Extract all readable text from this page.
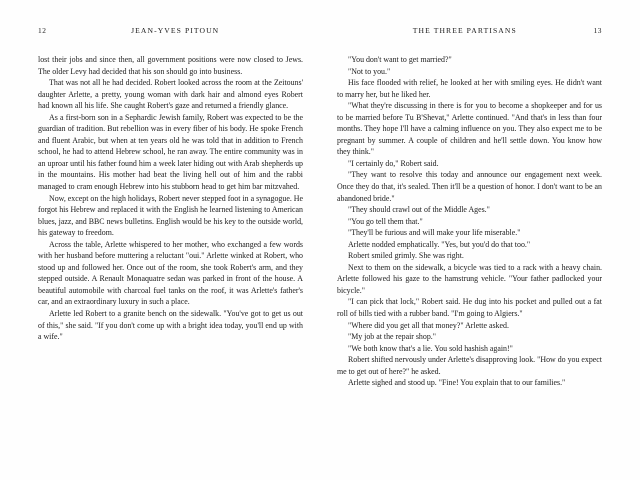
12	JEAN-YVES PITOUN	THE THREE PARTISANS	13

lost their jobs and since then, all government positions were now closed to Jews. The older Levy had decided that his son should go into business.

That was not all he had decided. Robert looked across the room at the Zeitouns' daughter Arlette, a pretty, young woman with dark hair and almond eyes Robert had known all his life. She caught Robert's gaze and returned a friendly glance.

As a first-born son in a Sephardic Jewish family, Robert was expected to be the guardian of tradition. But rebellion was in every fiber of his body. He spoke French and fluent Arabic, but when at ten years old he was told that in addition to French school, he had to attend Hebrew school, he ran away. The entire community was in an uproar until his father found him a week later hiding out with Arab shepherds up in the mountains. His mother had beat the living hell out of him and the rabbi managed to cram enough Hebrew into his stubborn head to get him bar mitzvahed.

Now, except on the high holidays, Robert never stepped foot in a synagogue. He forgot his Hebrew and replaced it with the English he learned listening to American blues, jazz, and BBC news bulletins. English would be his key to the outside world, his gateway to freedom.

Across the table, Arlette whispered to her mother, who exchanged a few words with her husband before muttering a reluctant "oui." Arlette winked at Robert, who stood up and followed her. Once out of the room, she took Robert's arm, and they stepped outside. A Renault Monaquatre sedan was parked in front of the house. A beautiful automobile with charcoal fuel tanks on the roof, it was Arlette's father's car, and an extraordinary luxury in such a place.

Arlette led Robert to a granite bench on the sidewalk. "You've got to get us out of this," she said. "If you don't come up with a bright idea today, you'll end up with a wife."

"You don't want to get married?"

"Not to you."

His face flooded with relief, he looked at her with smiling eyes. He didn't want to marry her, but he liked her.

"What they're discussing in there is for you to become a shopkeeper and for us to be married before Tu B'Shevat," Arlette continued. "And that's in less than four months. They hope I'll have a calming influence on you. They also expect me to be pregnant by summer. A couple of children and he'll settle down. You know how they think."

"I certainly do," Robert said.

"They want to resolve this today and announce our engagement next week. Once they do that, it's sealed. Then it'll be a question of honor. I don't want to be an abandoned bride."

"They should crawl out of the Middle Ages."

"You go tell them that."

"They'll be furious and will make your life miserable."

Arlette nodded emphatically. "Yes, but you'd do that too."

Robert smiled grimly. She was right.

Next to them on the sidewalk, a bicycle was tied to a rack with a heavy chain. Arlette followed his gaze to the hamstrung vehicle. "Your father padlocked your bicycle."

"I can pick that lock," Robert said. He dug into his pocket and pulled out a fat roll of bills tied with a rubber band. "I'm going to Algiers."

"Where did you get all that money?" Arlette asked.

"My job at the repair shop."

"We both know that's a lie. You sold hashish again!"

Robert shifted nervously under Arlette's disapproving look. "How do you expect me to get out of here?" he asked.

Arlette sighed and stood up. "Fine! You explain that to our families."
